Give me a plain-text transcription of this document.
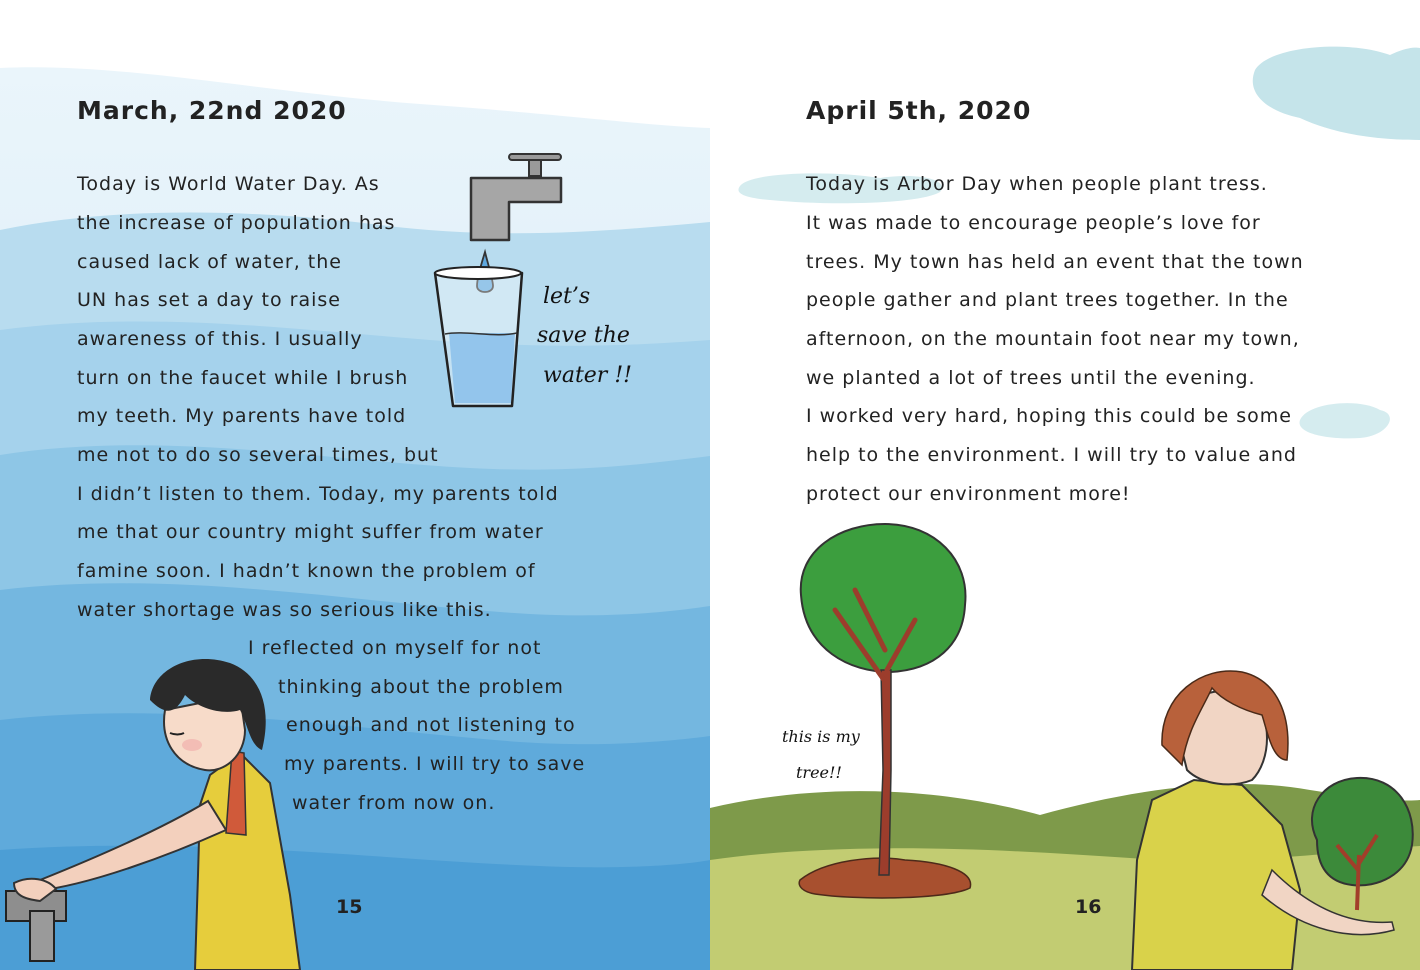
March, 22nd 2020
Today is World Water Day. As
the increase of population has
caused lack of water, the
UN has set a day to raise
awareness of this. I usually
turn on the faucet while I brush
my teeth. My parents have told
me not to do so several times, but
I didn’t listen to them. Today, my parents told
me that our country might suffer from water
famine soon. I hadn’t known the problem of
water shortage was so serious like this.
I reflected on myself for not
thinking about the problem
enough and not listening to
my parents. I will try to save
water from now on.
let’s
save the
water !!
15
April 5th, 2020
Today is Arbor Day when people plant tress.
It was made to encourage people’s love for
trees. My town has held an event that the town
people gather and plant trees together. In the
afternoon, on the mountain foot near my town,
we planted a lot of trees until the evening.
I worked very hard, hoping this could be some
help to the environment. I will try to value and
protect our environment more!
this is my
tree!!
16
